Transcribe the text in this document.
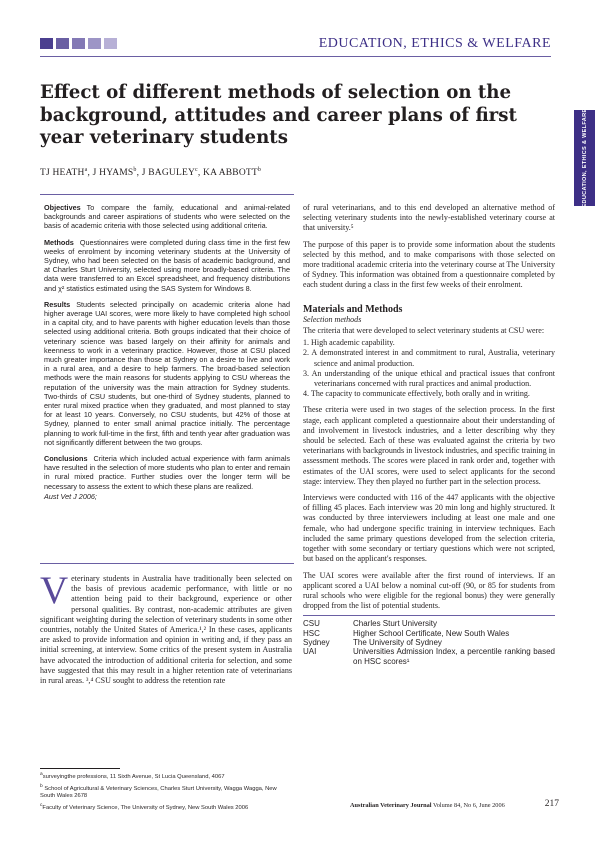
EDUCATION, ETHICS & WELFARE
EDUCATION, ETHICS & WELFARE
Effect of different methods of selection on the background, attitudes and career plans of first year veterinary students
TJ HEATH$^a$, J HYAMS$^b$, J BAGULEY$^c$, KA ABBOTT$^b$

Objectives To compare the family, educational and animal-related backgrounds and career aspirations of students who were selected on the basis of academic criteria with those selected using additional criteria.

Methods Questionnaires were completed during class time in the first few weeks of enrolment by incoming veterinary students at the University of Sydney, who had been selected on the basis of academic background, and at Charles Sturt University, selected using more broadly-based criteria. The data were transferred to an Excel spreadsheet, and frequency distributions and χ² statistics estimated using the SAS System for Windows 8.

Results Students selected principally on academic criteria alone had higher average UAI scores, were more likely to have completed high school in a capital city, and to have parents with higher education levels than those selected using additional criteria. Both groups indicated that their choice of veterinary science was based largely on their affinity for animals and keenness to work in a veterinary practice. However, those at CSU placed much greater importance than those at Sydney on a desire to live and work in a rural area, and a desire to help farmers. The broad-based selection methods were the main reasons for students applying to CSU whereas the reputation of the university was the main attraction for Sydney students. Two-thirds of CSU students, but one-third of Sydney students, planned to enter rural mixed practice when they graduated, and most planned to stay for at least 10 years. Conversely, no CSU students, but 42% of those at Sydney, planned to enter small animal practice initially. The percentage planning to work full-time in the first, fifth and tenth year after graduation was not significantly different between the two groups.

Conclusions Criteria which included actual experience with farm animals have resulted in the selection of more students who plan to enter and remain in rural mixed practice. Further studies over the longer term will be necessary to assess the extent to which these plans are realized.

Aust Vet J 2006;

Veterinary students in Australia have traditionally been selected on the basis of previous academic performance, with little or no attention being paid to their background, experience or other personal qualities. By contrast, non-academic attributes are given significant weighting during the selection of veterinary students in some other countries, notably the United States of America.¹,² In these cases, applicants are asked to provide information and opinion in writing and, if they pass an initial screening, at interview. Some critics of the present system in Australia have advocated the introduction of additional criteria for selection, and some have suggested that this may result in a higher retention rate of veterinarians in rural areas. ³,⁴ CSU sought to address the retention rate

$^a$surveyingthe professions, 11 Sixth Avenue, St Lucia Queensland, 4067

$^b$ School of Agricultural & Veterinary Sciences, Charles Sturt University, Wagga Wagga, New South Wales 2678

$^c$Faculty of Veterinary Science, The University of Sydney, New South Wales 2006

of rural veterinarians, and to this end developed an alternative method of selecting veterinary students into the newly-established veterinary course at that university.⁵

The purpose of this paper is to provide some information about the students selected by this method, and to make comparisons with those selected on more traditional academic criteria into the veterinary course at The University of Sydney. This information was obtained from a questionnaire completed by each student during a class in the first few weeks of their enrolment.

Materials and Methods
Selection methods

The criteria that were developed to select veterinary students at CSU were:

1. High academic capability.
2. A demonstrated interest in and commitment to rural, Australia, veterinary science and animal production.
3. An understanding of the unique ethical and practical issues that confront veterinarians concerned with rural practices and animal production.
4. The capacity to communicate effectively, both orally and in writing.

These criteria were used in two stages of the selection process. In the first stage, each applicant completed a questionnaire about their understanding of and involvement in livestock industries, and a letter describing why they should be selected. Each of these was evaluated against the criteria by two veterinarians with backgrounds in livestock industries, and specific training in assessment methods. The scores were placed in rank order and, together with estimates of the UAI scores, were used to select applicants for the second stage: interview. They then played no further part in the selection process.

Interviews were conducted with 116 of the 447 applicants with the objective of filling 45 places. Each interview was 20 min long and highly structured. It was conducted by three interviewers including at least one male and one female, who had undergone specific training in interview techniques. Each included the same primary questions developed from the selection criteria, together with some secondary or tertiary questions which were not scripted, but based on the applicant's responses.

The UAI scores were available after the first round of interviews. If an applicant scored a UAI below a nominal cut-off (90, or 85 for students from rural schools who were eligible for the regional bonus) they were generally dropped from the list of potential students.

CSU	Charles Sturt University
HSC	Higher School Certificate, New South Wales
Sydney	The University of Sydney
UAI	Universities Admission Index, a percentile ranking based on HSC scores¹
Australian Veterinary Journal Volume 84, No 6, June 2006	217
